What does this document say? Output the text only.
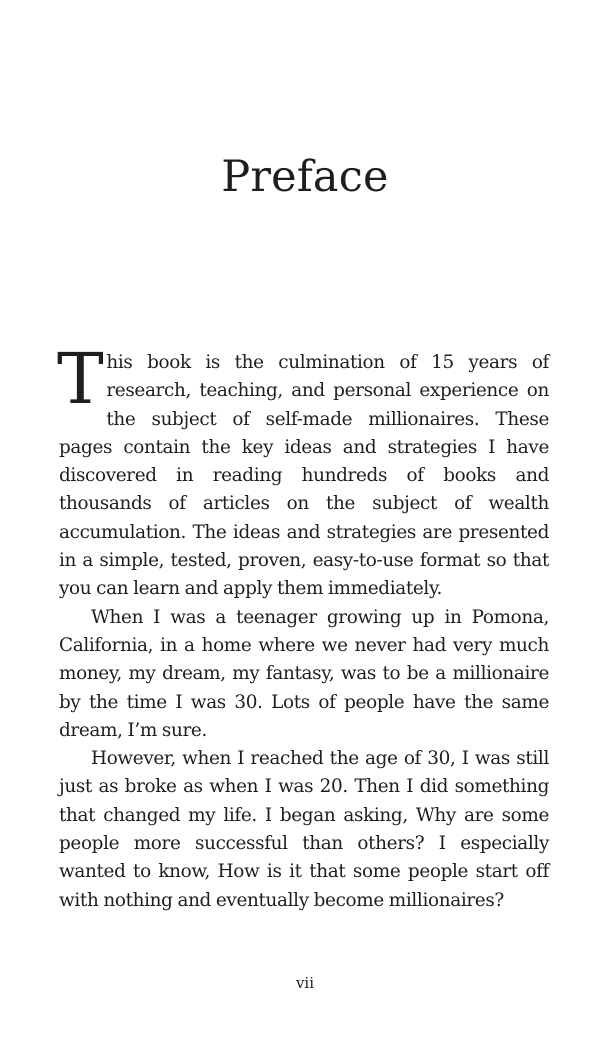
Preface

This book is the culmination of 15 years of research, teaching, and personal experience on the subject of self-made millionaires. These pages contain the key ideas and strategies I have discovered in reading hundreds of books and thousands of articles on the subject of wealth accumulation. The ideas and strategies are presented in a simple, tested, proven, easy-to-use format so that you can learn and apply them immediately.

When I was a teenager growing up in Pomona, California, in a home where we never had very much money, my dream, my fantasy, was to be a millionaire by the time I was 30. Lots of people have the same dream, I’m sure.

However, when I reached the age of 30, I was still just as broke as when I was 20. Then I did something that changed my life. I began asking, Why are some people more successful than others? I especially wanted to know, How is it that some people start off with nothing and eventually become millionaires?

vii
